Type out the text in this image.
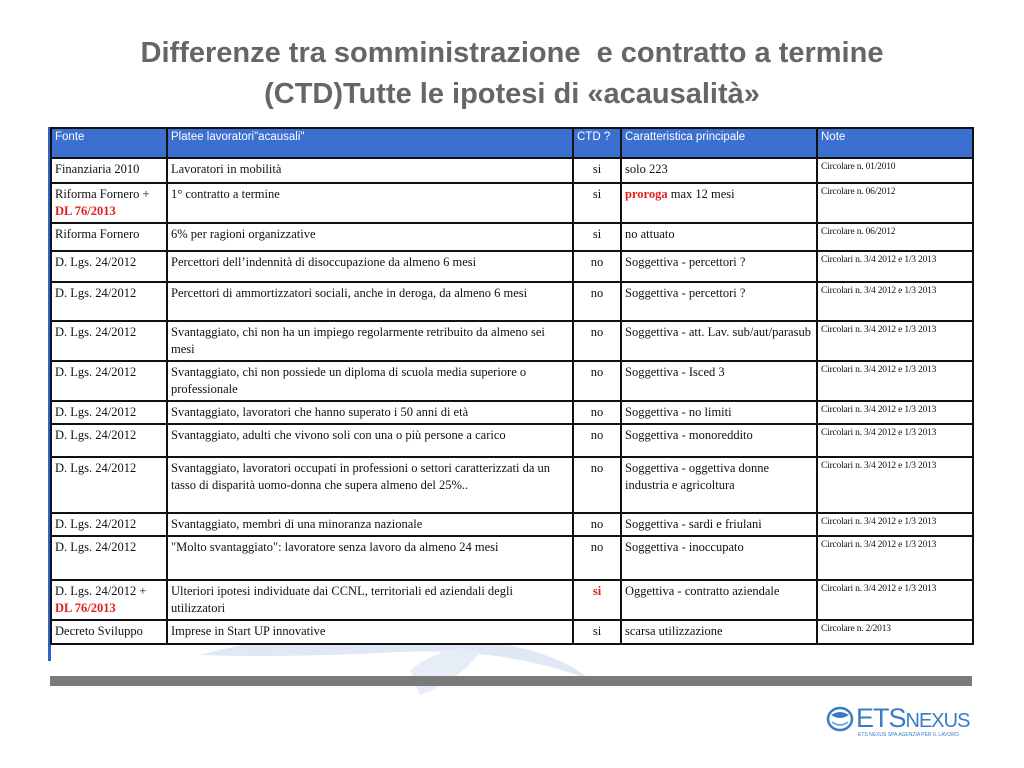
Differenze tra somministrazione  e contratto a termine
(CTD)Tutte le ipotesi di «acausalità»
Fonte	Platee lavoratori"acausali"	CTD ?	Caratteristica principale	Note
Finanziaria 2010	Lavoratori in mobilità	si	solo 223	Circolare n. 01/2010
Riforma Fornero + DL 76/2013	1° contratto a termine	si	proroga max 12 mesi	Circolare n. 06/2012
Riforma Fornero	6% per ragioni organizzative	si	no attuato	Circolare n. 06/2012
D. Lgs. 24/2012	Percettori dell’indennità di disoccupazione da almeno 6 mesi	no	Soggettiva - percettori ?	Circolari n. 3/4 2012 e 1/3 2013
D. Lgs. 24/2012	Percettori di ammortizzatori sociali, anche in deroga, da almeno 6 mesi	no	Soggettiva - percettori ?	Circolari n. 3/4 2012 e 1/3 2013
D. Lgs. 24/2012	Svantaggiato, chi non ha un impiego regolarmente retribuito da almeno sei mesi	no	Soggettiva - att. Lav. sub/aut/parasub	Circolari n. 3/4 2012 e 1/3 2013
D. Lgs. 24/2012	Svantaggiato, chi non possiede un diploma di scuola media superiore o professionale	no	Soggettiva - Isced 3	Circolari n. 3/4 2012 e 1/3 2013
D. Lgs. 24/2012	Svantaggiato, lavoratori che hanno superato i 50 anni di età	no	Soggettiva - no limiti	Circolari n. 3/4 2012 e 1/3 2013
D. Lgs. 24/2012	Svantaggiato, adulti che vivono soli con una o più persone a carico	no	Soggettiva - monoreddito	Circolari n. 3/4 2012 e 1/3 2013
D. Lgs. 24/2012	Svantaggiato, lavoratori occupati in professioni o settori caratterizzati da un tasso di disparità uomo-donna che supera almeno del 25%..	no	Soggettiva - oggettiva donne industria e agricoltura	Circolari n. 3/4 2012 e 1/3 2013
D. Lgs. 24/2012	Svantaggiato, membri di una minoranza nazionale	no	Soggettiva - sardi e friulani	Circolari n. 3/4 2012 e 1/3 2013
D. Lgs. 24/2012	"Molto svantaggiato": lavoratore senza lavoro da almeno 24 mesi	no	Soggettiva - inoccupato	Circolari n. 3/4 2012 e 1/3 2013
D. Lgs. 24/2012 + DL 76/2013	Ulteriori ipotesi individuate dai CCNL, territoriali ed aziendali degli utilizzatori	si	Oggettiva - contratto aziendale	Circolari n. 3/4 2012 e 1/3 2013
Decreto Sviluppo	Imprese in Start UP innovative	si	scarsa utilizzazione	Circolare n. 2/2013
ETSNEXUS
ETS NEXUS SPA AGENZIA PER IL LAVORO
